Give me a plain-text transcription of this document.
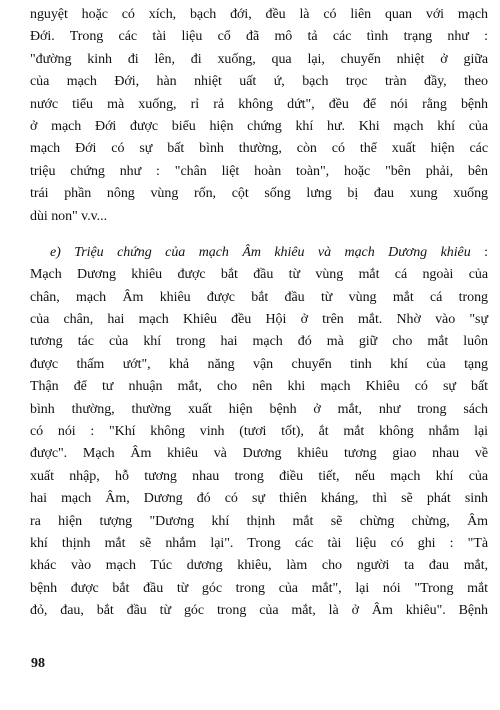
nguyệt hoặc có xích, bạch đới, đều là có liên quan với mạch
Đới. Trong các tài liệu cổ đã mô tả các tình trạng như :
"đường kinh đi lên, đi xuống, qua lại, chuyển nhiệt ở giữa
của mạch Đới, hàn nhiệt uất ứ, bạch trọc tràn đầy, theo
nước tiểu mà xuống, rỉ rả không dứt", đều để nói rằng bệnh
ở mạch Đới được biểu hiện chứng khí hư. Khi mạch khí của
mạch Đới có sự bất bình thường, còn có thể xuất hiện các
triệu chứng như : "chân liệt hoàn toàn", hoặc "bên phải, bên
trái phần nông vùng rốn, cột sống lưng bị đau xung xuống
dùi non" v.v...
e) Triệu chứng của mạch Âm khiêu và mạch Dương khiêu :
Mạch Dương khiêu được bắt đầu từ vùng mắt cá ngoài của
chân, mạch Âm khiêu được bắt đầu từ vùng mắt cá trong
của chân, hai mạch Khiêu đều Hội ở trên mắt. Nhờ vào "sự
tương tác của khí trong hai mạch đó mà giữ cho mắt luôn
được thấm ướt", khả năng vận chuyển tinh khí của tạng
Thận để tư nhuận mắt, cho nên khi mạch Khiêu có sự bất
bình thường, thường xuất hiện bệnh ở mắt, như trong sách
có nói : "Khí không vinh (tươi tốt), ắt mắt không nhắm lại
được". Mạch Âm khiêu và Dương khiêu tương giao nhau về
xuất nhập, hỗ tương nhau trong điều tiết, nếu mạch khí của
hai mạch Âm, Dương đó có sự thiên kháng, thì sẽ phát sinh
ra hiện tượng "Dương khí thịnh mắt sẽ chừng chừng, Âm
khí thịnh mắt sẽ nhắm lại". Trong các tài liệu có ghi : "Tà
khác vào mạch Túc dương khiêu, làm cho người ta đau mắt,
bệnh được bắt đầu từ góc trong của mắt", lại nói "Trong mắt
đỏ, đau, bắt đầu từ góc trong của mắt, là ở Âm khiêu". Bệnh
98
